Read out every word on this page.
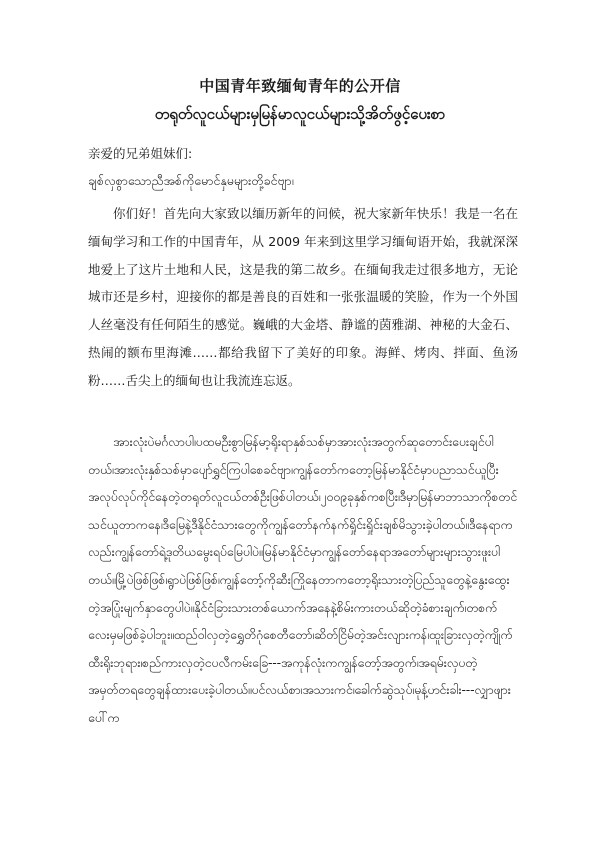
中国青年致缅甸青年的公开信
တရုတ်လူငယ်များမှမြန်မာလူငယ်များသို့အိတ်ဖွင့်ပေးစာ
亲爱的兄弟姐妹们:
ချစ်လှစွာသောညီအစ်ကိုမောင်နှမများတို့ခင်ဗျာ၊

你们好！首先向大家致以缅历新年的问候，祝大家新年快乐！我是一名在缅甸学习和工作的中国青年，从 2009 年来到这里学习缅甸语开始，我就深深地爱上了这片土地和人民，这是我的第二故乡。在缅甸我走过很多地方，无论城市还是乡村，迎接你的都是善良的百姓和一张张温暖的笑脸，作为一个外国人丝毫没有任何陌生的感觉。巍峨的大金塔、静谧的茵雅湖、神秘的大金石、热闹的额布里海滩……都给我留下了美好的印象。海鲜、烤肉、拌面、鱼汤粉……舌尖上的缅甸也让我流连忘返。

အားလုံးပဲမင်္ဂလာပါ၊ပထမဦးစွာမြန်မာ့ရိုးရာနှစ်သစ်မှာအားလုံးအတွက်ဆုတောင်းပေးချင်ပါတယ်၊အားလုံးနှစ်သစ်မှာပျော်ရွှင်ကြပါစေခင်ဗျာ၊ကျွန်တော်ကတော့မြန်မာနိုင်ငံမှာပညာသင်ယူပြီးအလုပ်လုပ်ကိုင်နေတဲ့တရုတ်လူငယ်တစ်ဦးဖြစ်ပါတယ်၊၂၀၀၉ခုနှစ်ကစပြီး၊ဒီမှာမြန်မာဘာသာကိုစတင်သင်ယူတာကနေ၊ဒီမြေနဲ့ဒီနိုင်ငံသားတွေကိုကျွန်တော်နက်နက်ရှိုင်းရှိုင်းချစ်မိသွားခဲ့ပါတယ်။ဒီနေရာကလည်းကျွန်တော်ရဲ့ဒုတိယမွေးရပ်မြေပါပဲ။မြန်မာနိုင်ငံမှာကျွန်တော်နေရာအတော်များများသွားဖူးပါတယ်။မြို့ပဲဖြစ်ဖြစ်၊ရွာပဲဖြစ်ဖြစ်၊ကျွန်တော့်ကိုဆီးကြိုနေတာကတော့ရိုးသားတဲ့ပြည်သူတွေနဲ့နွေးထွေးတဲ့အပြုံးမျက်နှာတွေပါပဲ။နိုင်ငံခြားသားတစ်ယောက်အနေနဲ့စိမ်းကားတယ်ဆိုတဲ့ခံစားချက်၊တစက်လေးမှမဖြစ်ခဲ့ပါဘူး။ထည်ဝါလှတဲ့ရွှေတိဂုံစေတီတော်၊ဆိတ်ငြိမ်တဲ့အင်းလျားကန်၊ထူးခြားလှတဲ့ကျိုက်ထီးရိုးဘုရား၊စည်ကားလှတဲ့ငပလီကမ်းခြေ---အကုန်လုံးကကျွန်တော့်အတွက်၊အရမ်းလှပတဲ့အမှတ်တရတွေချန်ထားပေးခဲ့ပါတယ်။ပင်လယ်စာ၊အသားကင်၊ခေါက်ဆွဲသုပ်၊မုန့်ဟင်းခါး---လျှာဖျားပေါ်က
